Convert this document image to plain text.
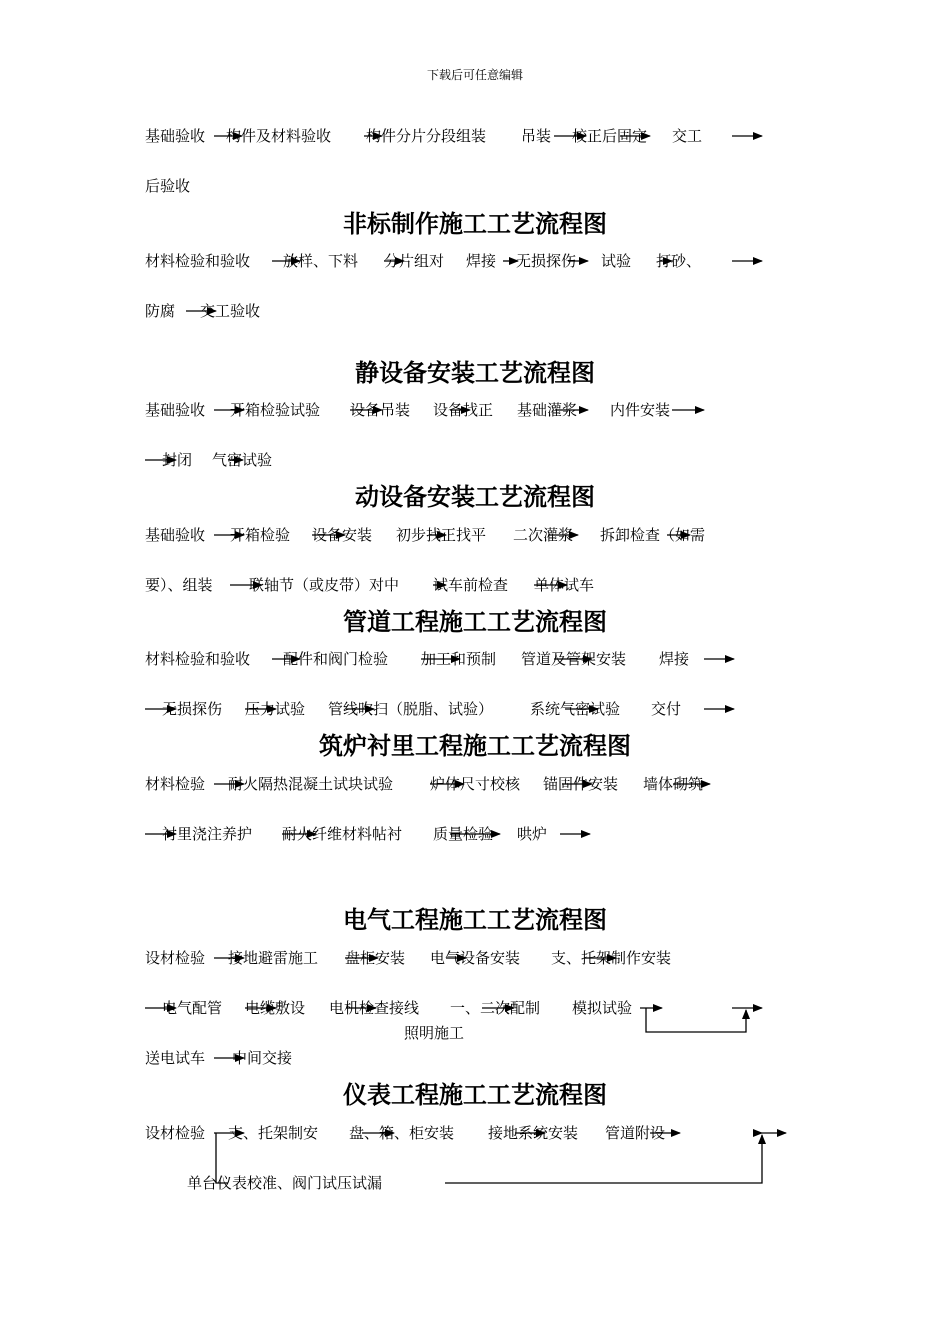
下载后可任意编辑
基础验收 构件及材料验收 构件分片分段组装 吊装 校正后固定 交工
后验收
非标制作施工工艺流程图
材料检验和验收 放样、下料 分片组对 焊接 无损探伤 试验 打砂、
防腐 交工验收
静设备安装工艺流程图
基础验收 开箱检验试验 设备吊装 设备找正 基础灌浆 内件安装
封闭 气密试验
动设备安装工艺流程图
基础验收 开箱检验 设备安装 初步找正找平 二次灌浆 拆卸检查（如需
要）、组装 联轴节（或皮带）对中 试车前检查 单体试车
管道工程施工工艺流程图
材料检验和验收 配件和阀门检验 加工和预制 管道及管架安装 焊接
无损探伤 压力试验 管线吹扫（脱脂、试验） 系统气密试验 交付
筑炉衬里工程施工工艺流程图
材料检验 耐火隔热混凝土试块试验 炉体尺寸校核 锚固件安装 墙体砌筑
衬里浇注养护 耐火纤维材料帖衬 质量检验 哄炉
电气工程施工工艺流程图
设材检验 接地避雷施工 盘柜安装 电气设备安装 支、托架制作安装
电气配管 电缆敷设 电机检查接线 一、二次配制 模拟试验
照明施工
送电试车 中间交接
仪表工程施工工艺流程图
设材检验 支、托架制安 盘、箱、柜安装 接地系统安装 管道附设
单台仪表校准、阀门试压试漏
